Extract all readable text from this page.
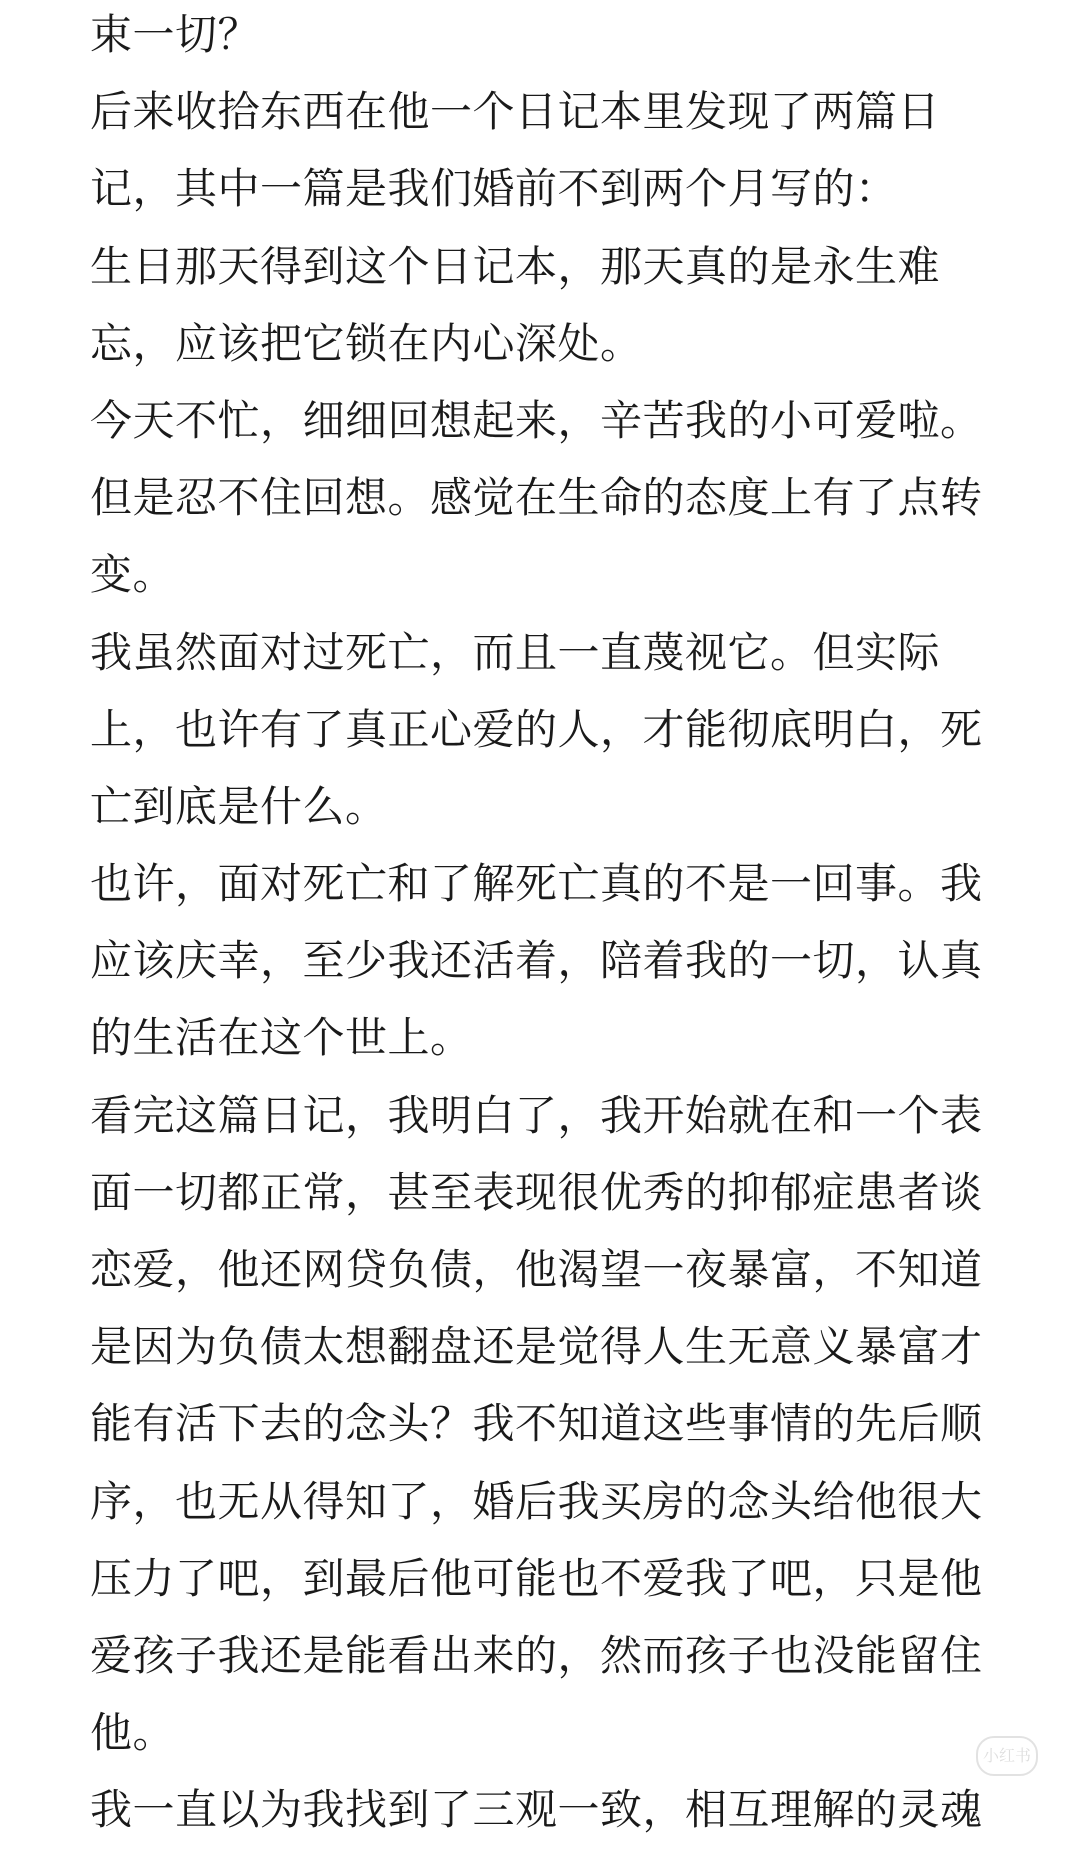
束一切？
后来收拾东西在他一个日记本里发现了两篇日
记，其中一篇是我们婚前不到两个月写的：
生日那天得到这个日记本，那天真的是永生难
忘，应该把它锁在内心深处。
今天不忙，细细回想起来，辛苦我的小可爱啦。
但是忍不住回想。感觉在生命的态度上有了点转
变。
我虽然面对过死亡，而且一直蔑视它。但实际
上，也许有了真正心爱的人，才能彻底明白，死
亡到底是什么。
也许，面对死亡和了解死亡真的不是一回事。我
应该庆幸，至少我还活着，陪着我的一切，认真
的生活在这个世上。
看完这篇日记，我明白了，我开始就在和一个表
面一切都正常，甚至表现很优秀的抑郁症患者谈
恋爱，他还网贷负债，他渴望一夜暴富，不知道
是因为负债太想翻盘还是觉得人生无意义暴富才
能有活下去的念头？我不知道这些事情的先后顺
序，也无从得知了，婚后我买房的念头给他很大
压力了吧，到最后他可能也不爱我了吧，只是他
爱孩子我还是能看出来的，然而孩子也没能留住
他。
我一直以为我找到了三观一致，相互理解的灵魂
小红书
